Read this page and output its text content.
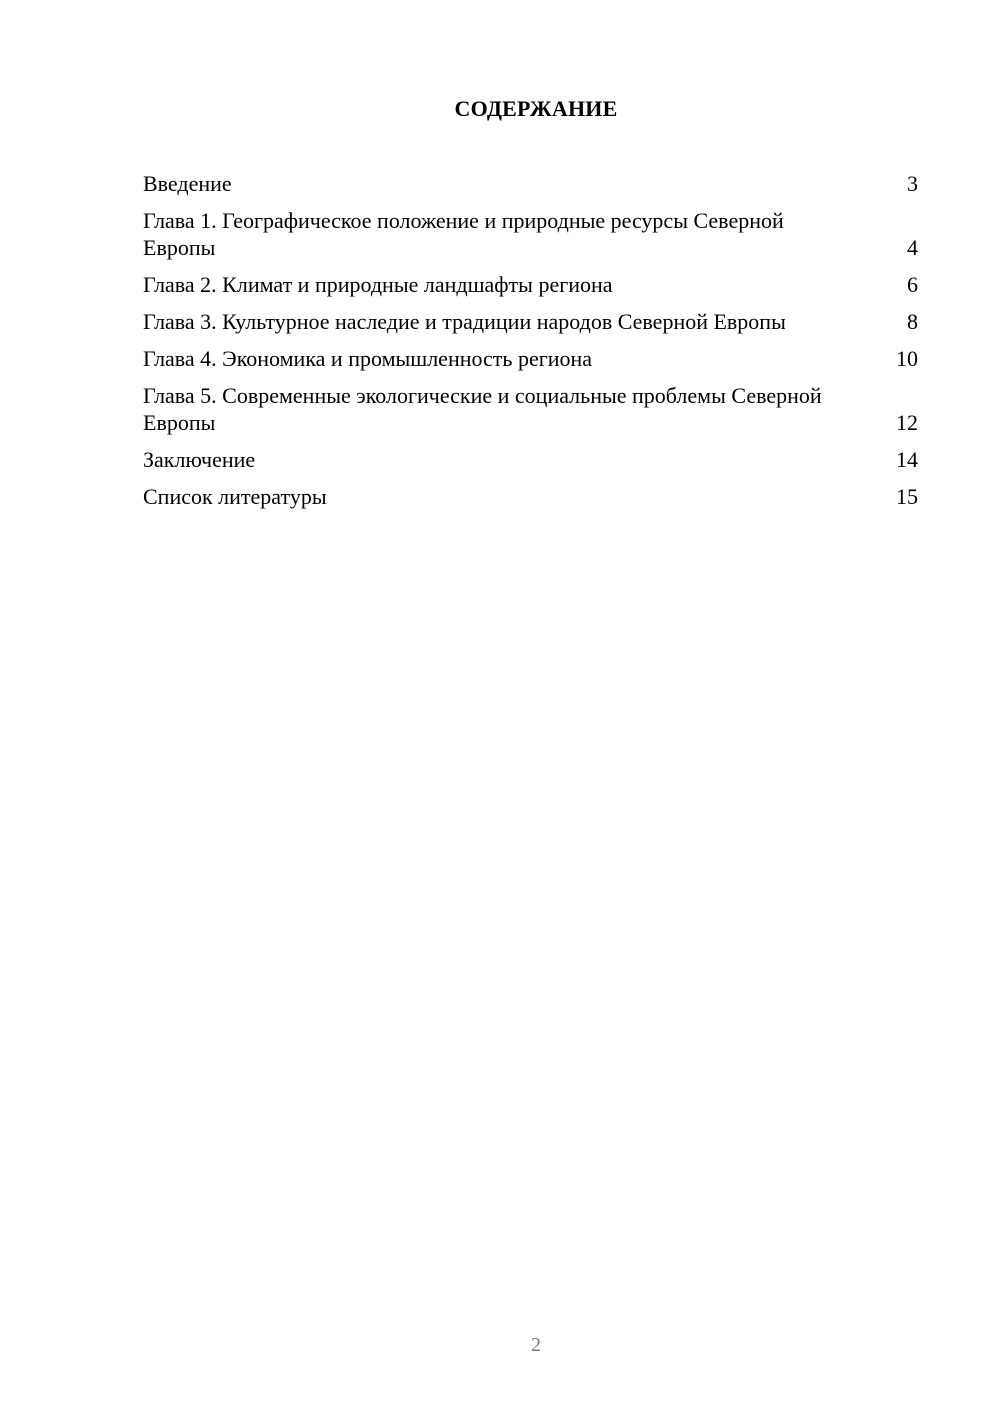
СОДЕРЖАНИЕ
Введение	3
Глава 1. Географическое положение и природные ресурсы Северной Европы	4
Глава 2. Климат и природные ландшафты региона	6
Глава 3. Культурное наследие и традиции народов Северной Европы	8
Глава 4. Экономика и промышленность региона	10
Глава 5. Современные экологические и социальные проблемы Северной Европы	12
Заключение	14
Список литературы	15
2
